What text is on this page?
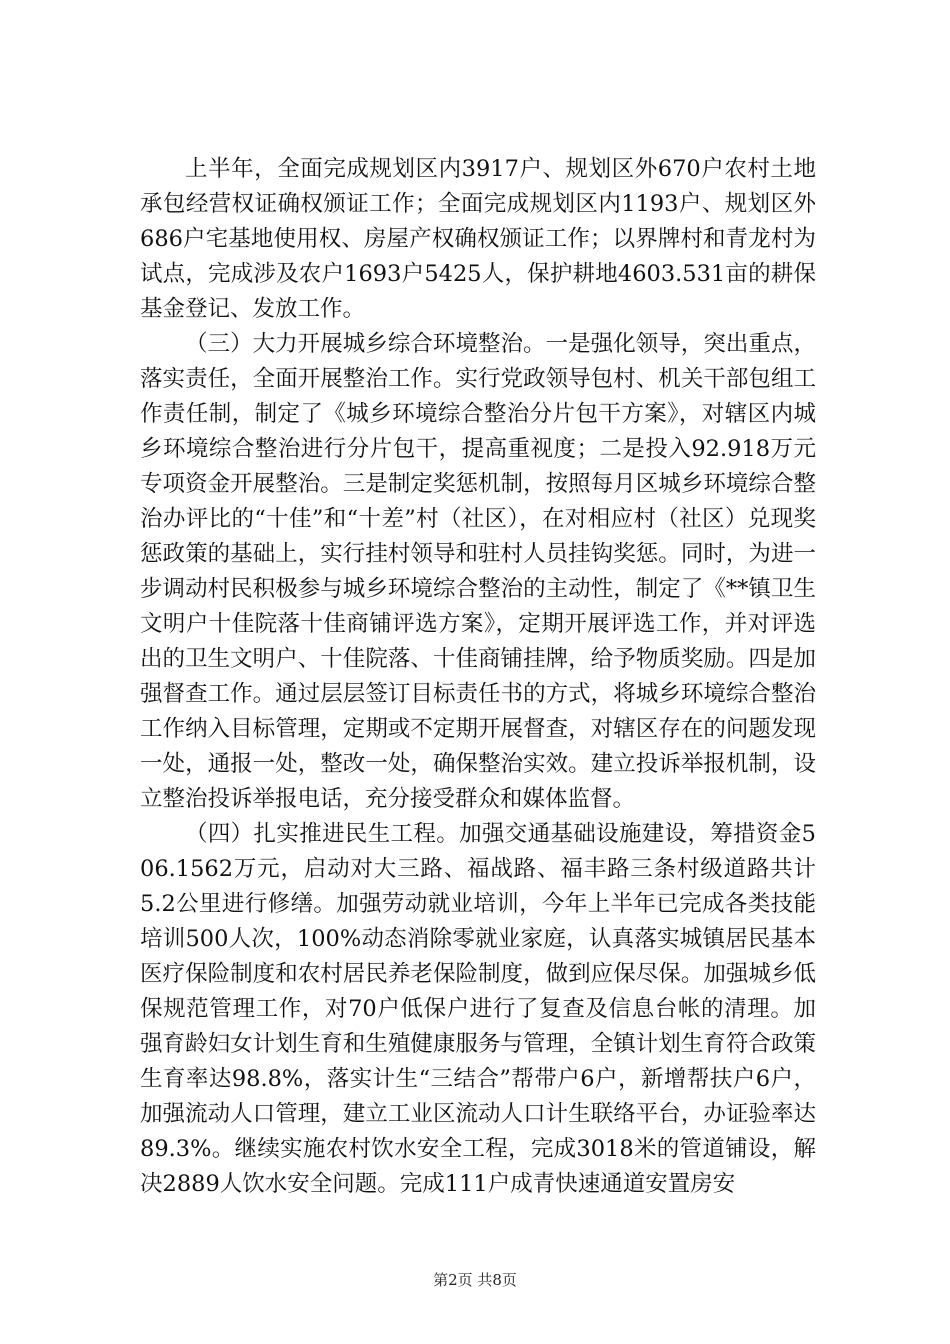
上半年，全面完成规划区内3917户、规划区外670户农村土地承包经营权证确权颁证工作；全面完成规划区内1193户、规划区外686户宅基地使用权、房屋产权确权颁证工作；以界牌村和青龙村为试点，完成涉及农户1693户5425人，保护耕地4603.531亩的耕保基金登记、发放工作。

（三）大力开展城乡综合环境整治。一是强化领导，突出重点，落实责任，全面开展整治工作。实行党政领导包村、机关干部包组工作责任制，制定了《城乡环境综合整治分片包干方案》，对辖区内城乡环境综合整治进行分片包干，提高重视度；二是投入92.918万元专项资金开展整治。三是制定奖惩机制，按照每月区城乡环境综合整治办评比的“十佳”和“十差”村（社区），在对相应村（社区）兑现奖惩政策的基础上，实行挂村领导和驻村人员挂钩奖惩。同时，为进一步调动村民积极参与城乡环境综合整治的主动性，制定了《**镇卫生文明户十佳院落十佳商铺评选方案》，定期开展评选工作，并对评选出的卫生文明户、十佳院落、十佳商铺挂牌，给予物质奖励。四是加强督查工作。通过层层签订目标责任书的方式，将城乡环境综合整治工作纳入目标管理，定期或不定期开展督查，对辖区存在的问题发现一处，通报一处，整改一处，确保整治实效。建立投诉举报机制，设立整治投诉举报电话，充分接受群众和媒体监督。

（四）扎实推进民生工程。加强交通基础设施建设，筹措资金506.1562万元，启动对大三路、福战路、福丰路三条村级道路共计5.2公里进行修缮。加强劳动就业培训，今年上半年已完成各类技能培训500人次，100%动态消除零就业家庭，认真落实城镇居民基本医疗保险制度和农村居民养老保险制度，做到应保尽保。加强城乡低保规范管理工作，对70户低保户进行了复查及信息台帐的清理。加强育龄妇女计划生育和生殖健康服务与管理，全镇计划生育符合政策生育率达98.8%，落实计生“三结合”帮带户6户，新增帮扶户6户，加强流动人口管理，建立工业区流动人口计生联络平台，办证验率达89.3%。继续实施农村饮水安全工程，完成3018米的管道铺设，解决2889人饮水安全问题。完成111户成青快速通道安置房安

第2页 共8页
